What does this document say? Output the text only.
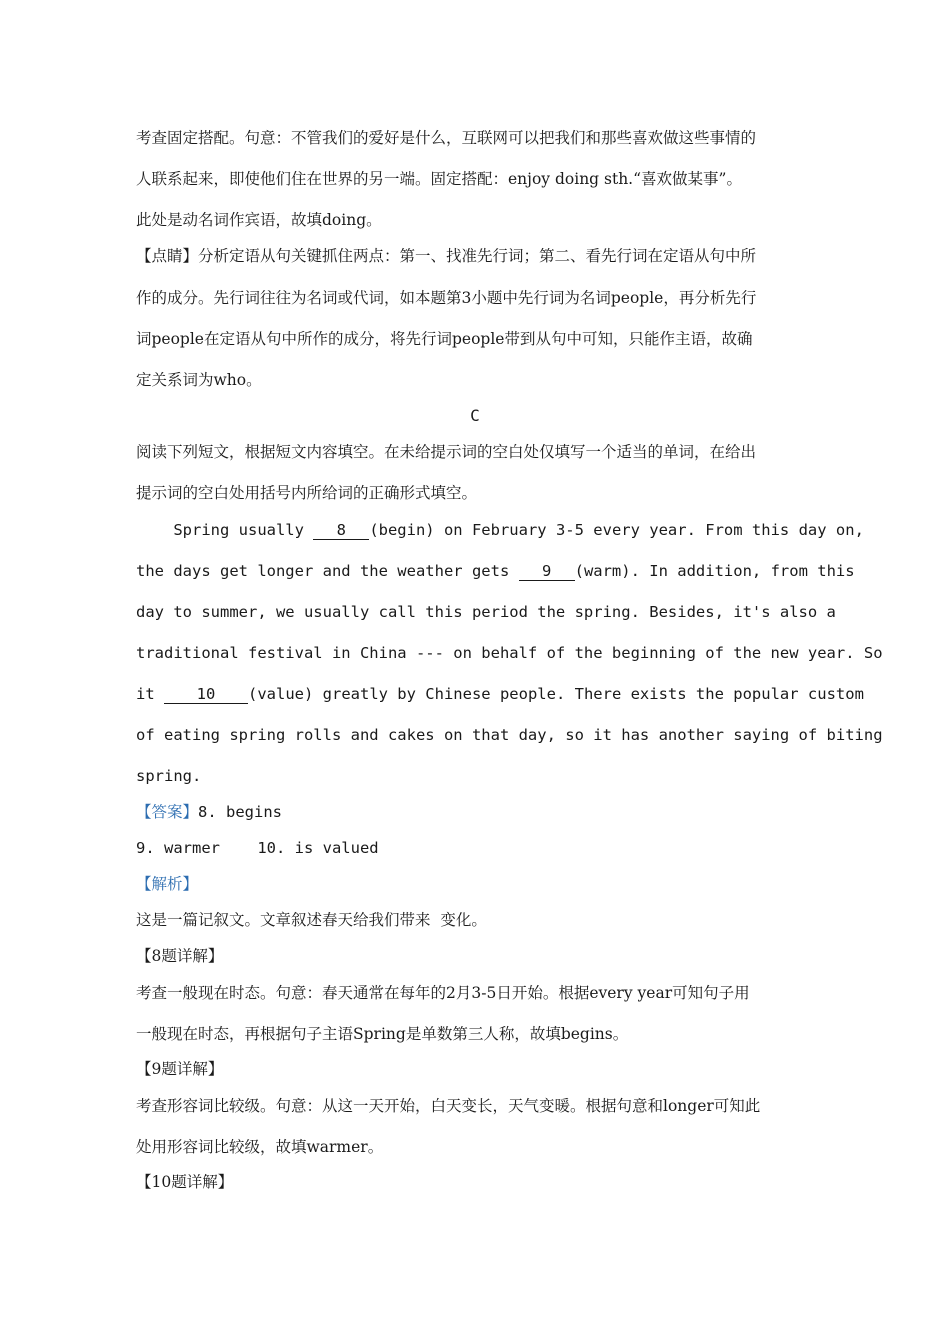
考查固定搭配。句意：不管我们的爱好是什么，互联网可以把我们和那些喜欢做这些事情的
人联系起来，即使他们住在世界的另一端。固定搭配：enjoy doing sth.“喜欢做某事”。
此处是动名词作宾语，故填doing。
【点睛】分析定语从句关键抓住两点：第一、找准先行词；第二、看先行词在定语从句中所
作的成分。先行词往往为名词或代词，如本题第3小题中先行词为名词people，再分析先行
词people在定语从句中所作的成分，将先行词people带到从句中可知，只能作主语，故确
定关系词为who。
C
阅读下列短文，根据短文内容填空。在未给提示词的空白处仅填写一个适当的单词，在给出
提示词的空白处用括号内所给词的正确形式填空。
Spring usually 8 (begin) on February 3-5 every year. From this day on,
the days get longer and the weather gets 9 (warm). In addition, from this
day to summer, we usually call this period the spring. Besides, it's also a
traditional festival in China --- on behalf of the beginning of the new year. So
it 10 (value) greatly by Chinese people. There exists the popular custom
of eating spring rolls and cakes on that day, so it has another saying of biting
spring.
【答案】8. begins
9. warmer    10. is valued
【解析】
这是一篇记叙文。文章叙述春天给我们带来  变化。
【8题详解】
考查一般现在时态。句意：春天通常在每年的2月3-5日开始。根据every year可知句子用
一般现在时态，再根据句子主语Spring是单数第三人称，故填begins。
【9题详解】
考查形容词比较级。句意：从这一天开始，白天变长，天气变暖。根据句意和longer可知此
处用形容词比较级，故填warmer。
【10题详解】
